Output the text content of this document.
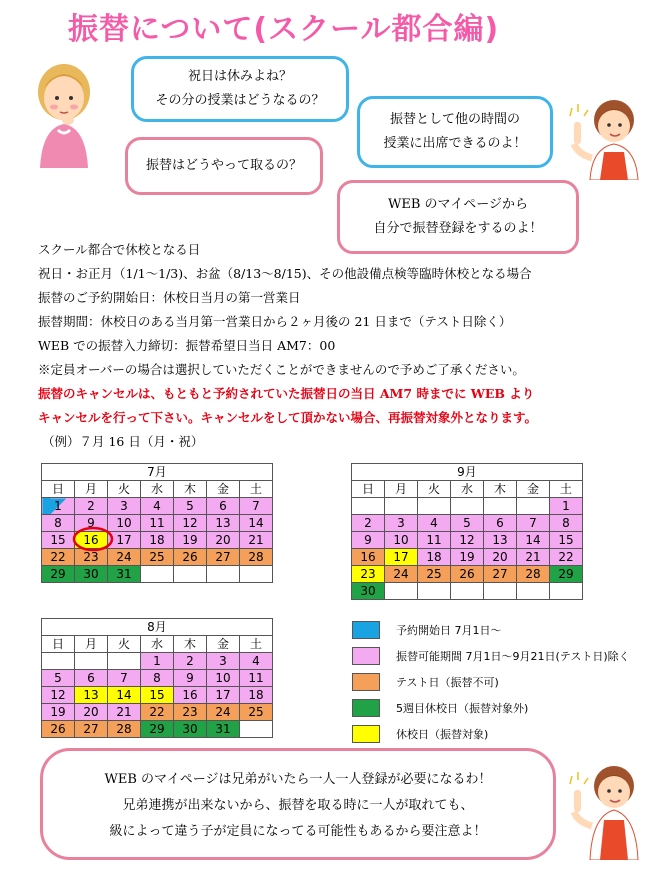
振替について(スクール都合編)
祝日は休みよね？
その分の授業はどうなるの？
振替はどうやって取るの？
振替として他の時間の
授業に出席できるのよ！
WEB のマイページから
自分で振替登録をするのよ！
スクール都合で休校となる日
祝日・お正月（1/1～1/3)、お盆（8/13～8/15)、その他設備点検等臨時休校となる場合
振替のご予約開始日：休校日当月の第一営業日
振替期間：休校日のある当月第一営業日から２ヶ月後の 21 日まで（テスト日除く）
WEB での振替入力締切：振替希望日当日 AM7：00
※定員オーバーの場合は選択していただくことができませんので予めご了承ください。
振替のキャンセルは、もともと予約されていた振替日の当日 AM7 時までに WEB より
キャンセルを行って下さい。キャンセルをして頂かない場合、再振替対象外となります。
（例）７月 16 日（月・祝）
7月						
日	月	火	水	木	金	土
1	2	3	4	5	6	7
8	9	10	11	12	13	14
15	16	17	18	19	20	21
22	23	24	25	26	27	28
29	30	31				
8月						
日	月	火	水	木	金	土
			1	2	3	4
5	6	7	8	9	10	11
12	13	14	15	16	17	18
19	20	21	22	23	24	25
26	27	28	29	30	31	
9月						
日	月	火	水	木	金	土
						1
2	3	4	5	6	7	8
9	10	11	12	13	14	15
16	17	18	19	20	21	22
23	24	25	26	27	28	29
30						
予約開始日 7月1日～
振替可能期間 7月1日～9月21日(テスト日)除く
テスト日（振替不可)
5週目休校日（振替対象外)
休校日（振替対象)
WEB のマイページは兄弟がいたら一人一人登録が必要になるわ！
兄弟連携が出来ないから、振替を取る時に一人が取れても、
級によって違う子が定員になってる可能性もあるから要注意よ！
